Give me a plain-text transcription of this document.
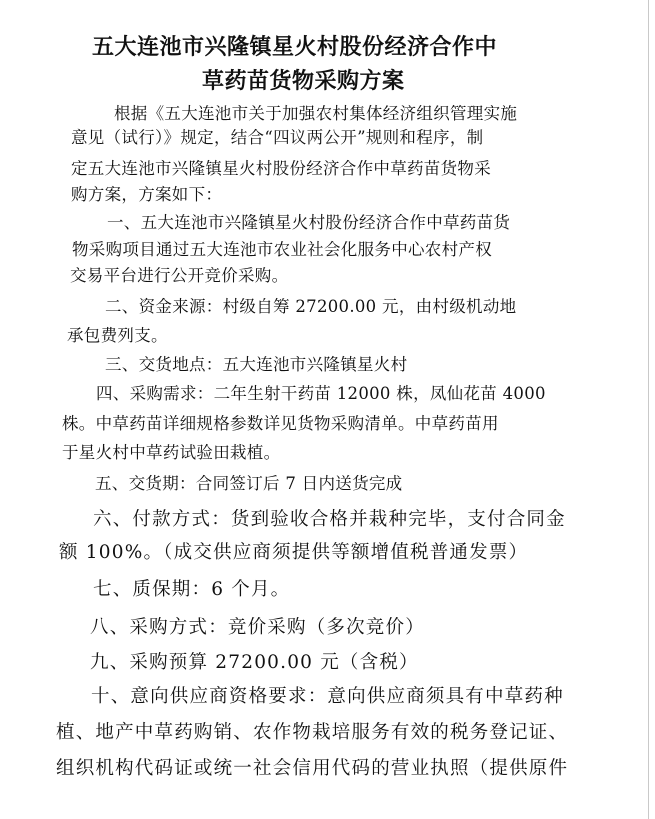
五大连池市兴隆镇星火村股份经济合作中
草药苗货物采购方案
根据《五大连池市关于加强农村集体经济组织管理实施
意见（试行）》规定，结合“四议两公开”规则和程序，制
定五大连池市兴隆镇星火村股份经济合作中草药苗货物采
购方案，方案如下：
一、五大连池市兴隆镇星火村股份经济合作中草药苗货
物采购项目通过五大连池市农业社会化服务中心农村产权
交易平台进行公开竞价采购。
二、资金来源：村级自筹 27200.00 元，由村级机动地
承包费列支。
三、交货地点：五大连池市兴隆镇星火村
四、采购需求：二年生射干药苗 12000 株，凤仙花苗 4000
株。中草药苗详细规格参数详见货物采购清单。中草药苗用
于星火村中草药试验田栽植。
五、交货期：合同签订后 7 日内送货完成
六、付款方式：货到验收合格并栽种完毕，支付合同金
额 100%。（成交供应商须提供等额增值税普通发票）
七、质保期：6 个月。
八、采购方式：竞价采购（多次竞价）
九、采购预算 27200.00 元（含税）
十、意向供应商资格要求：意向供应商须具有中草药种
植、地产中草药购销、农作物栽培服务有效的税务登记证、
组织机构代码证或统一社会信用代码的营业执照（提供原件
